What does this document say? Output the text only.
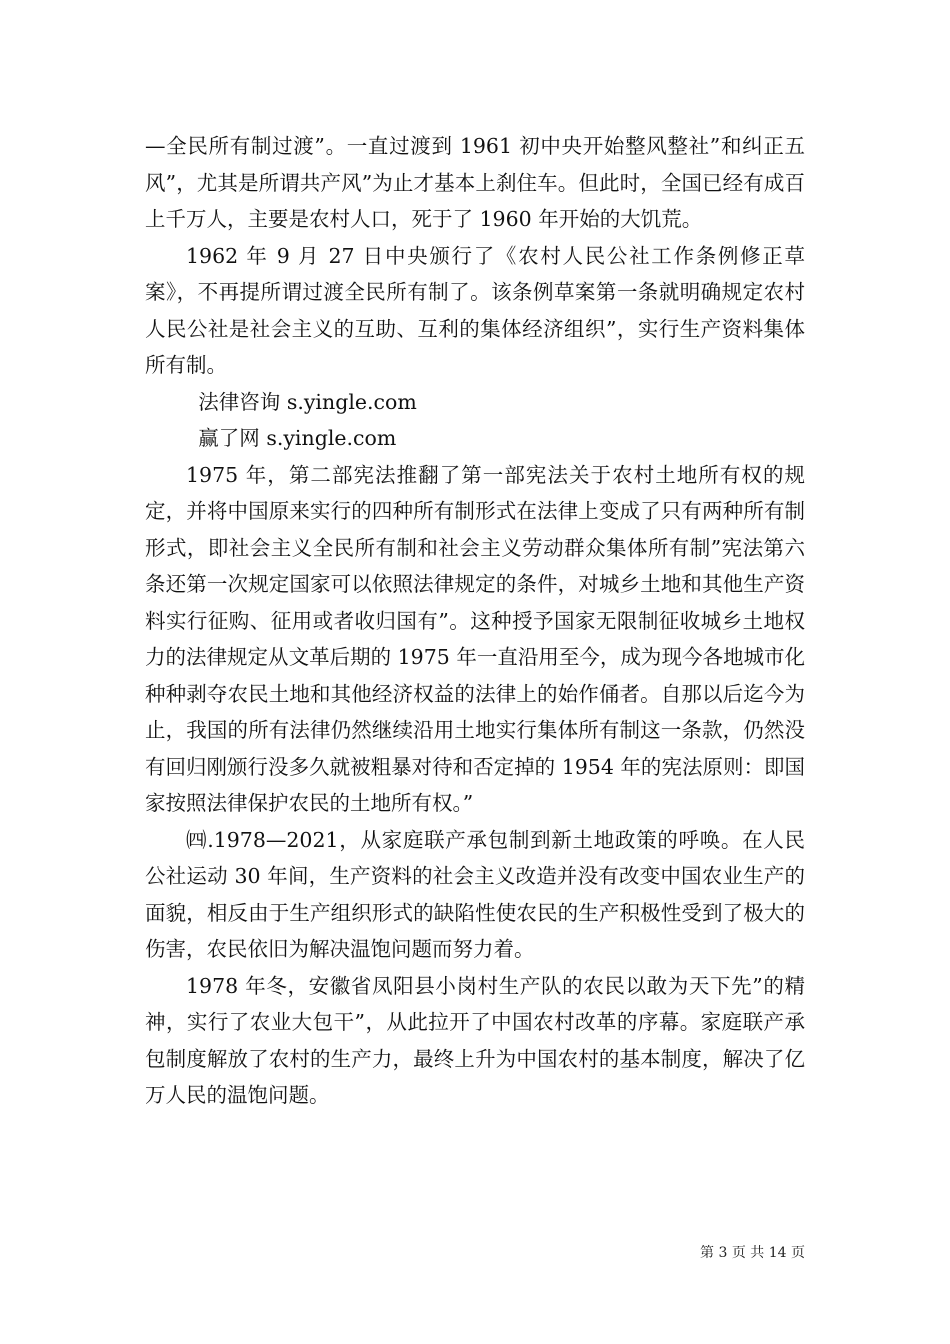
—全民所有制过渡”。一直过渡到 1961 初中央开始整风整社”和纠正五风”，尤其是所谓共产风”为止才基本上刹住车。但此时，全国已经有成百上千万人，主要是农村人口，死于了 1960 年开始的大饥荒。

1962 年 9 月 27 日中央颁行了《农村人民公社工作条例修正草案》，不再提所谓过渡全民所有制了。该条例草案第一条就明确规定农村人民公社是社会主义的互助、互利的集体经济组织”，实行生产资料集体所有制。

法律咨询 s.yingle.com

赢了网 s.yingle.com

1975 年，第二部宪法推翻了第一部宪法关于农村土地所有权的规定，并将中国原来实行的四种所有制形式在法律上变成了只有两种所有制形式，即社会主义全民所有制和社会主义劳动群众集体所有制”宪法第六条还第一次规定国家可以依照法律规定的条件，对城乡土地和其他生产资料实行征购、征用或者收归国有”。这种授予国家无限制征收城乡土地权力的法律规定从文革后期的 1975 年一直沿用至今，成为现今各地城市化种种剥夺农民土地和其他经济权益的法律上的始作俑者。自那以后迄今为止，我国的所有法律仍然继续沿用土地实行集体所有制这一条款，仍然没有回归刚颁行没多久就被粗暴对待和否定掉的 1954 年的宪法原则：即国家按照法律保护农民的土地所有权。”

㈣.1978—2021，从家庭联产承包制到新土地政策的呼唤。在人民公社运动 30 年间，生产资料的社会主义改造并没有改变中国农业生产的面貌，相反由于生产组织形式的缺陷性使农民的生产积极性受到了极大的伤害，农民依旧为解决温饱问题而努力着。

1978 年冬，安徽省凤阳县小岗村生产队的农民以敢为天下先”的精神，实行了农业大包干”，从此拉开了中国农村改革的序幕。家庭联产承包制度解放了农村的生产力，最终上升为中国农村的基本制度，解决了亿万人民的温饱问题。

第 3 页 共 14 页
